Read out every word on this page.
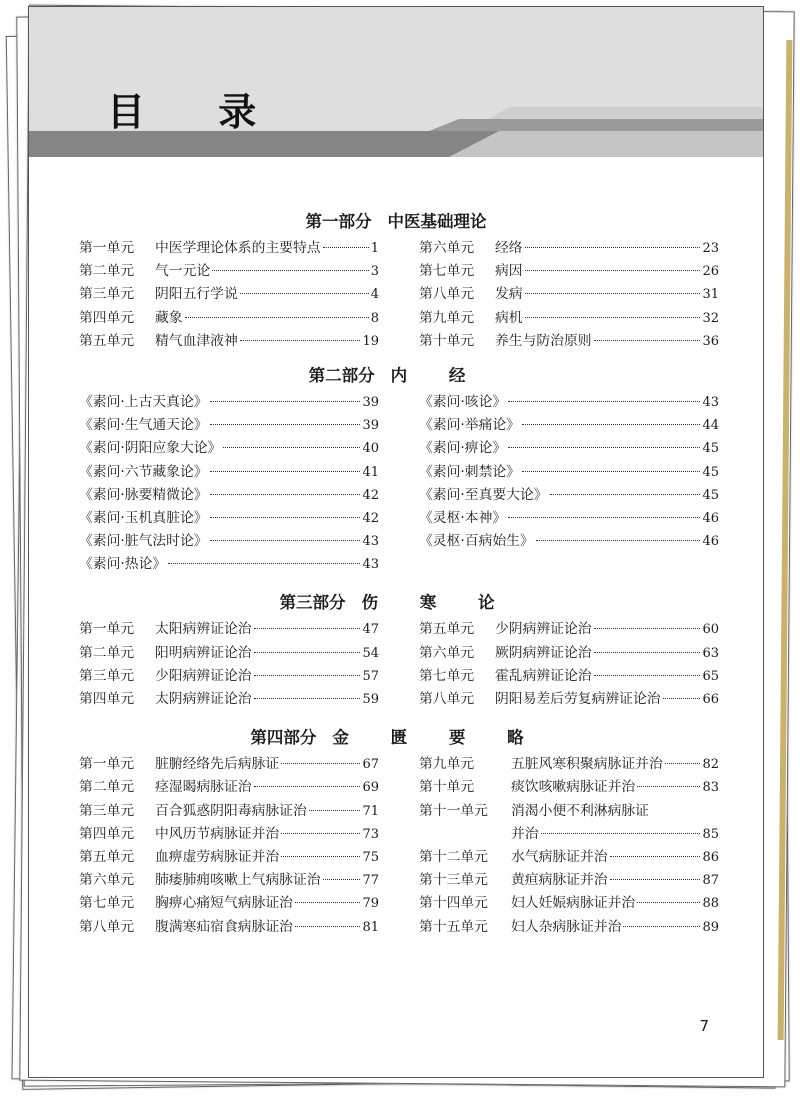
目 录
第一部分 中医基础理论
第一单元	中医学理论体系的主要特点	1
第二单元	气一元论	3
第三单元	阴阳五行学说	4
第四单元	藏象	8
第五单元	精气血津液神	19
第六单元	经络	23
第七单元	病因	26
第八单元	发病	31
第九单元	病机	32
第十单元	养生与防治原则	36
第二部分 内 经
《素问·上古天真论》	39
《素问·生气通天论》	39
《素问·阴阳应象大论》	40
《素问·六节藏象论》	41
《素问·脉要精微论》	42
《素问·玉机真脏论》	42
《素问·脏气法时论》	43
《素问·热论》	43
《素问·咳论》	43
《素问·举痛论》	44
《素问·痹论》	45
《素问·刺禁论》	45
《素问·至真要大论》	45
《灵枢·本神》	46
《灵枢·百病始生》	46
第三部分 伤 寒 论
第一单元	太阳病辨证论治	47
第二单元	阳明病辨证论治	54
第三单元	少阳病辨证论治	57
第四单元	太阴病辨证论治	59
第五单元	少阴病辨证论治	60
第六单元	厥阴病辨证论治	63
第七单元	霍乱病辨证论治	65
第八单元	阴阳易差后劳复病辨证论治	66
第四部分 金 匮 要 略
第一单元	脏腑经络先后病脉证	67
第二单元	痉湿暍病脉证治	69
第三单元	百合狐惑阴阳毒病脉证治	71
第四单元	中风历节病脉证并治	73
第五单元	血痹虚劳病脉证并治	75
第六单元	肺痿肺痈咳嗽上气病脉证治	77
第七单元	胸痹心痛短气病脉证治	79
第八单元	腹满寒疝宿食病脉证治	81
第九单元	五脏风寒积聚病脉证并治	82
第十单元	痰饮咳嗽病脉证并治	83
第十一单元	消渴小便不利淋病脉证
并治	85
第十二单元	水气病脉证并治	86
第十三单元	黄疸病脉证并治	87
第十四单元	妇人妊娠病脉证并治	88
第十五单元	妇人杂病脉证并治	89
7
